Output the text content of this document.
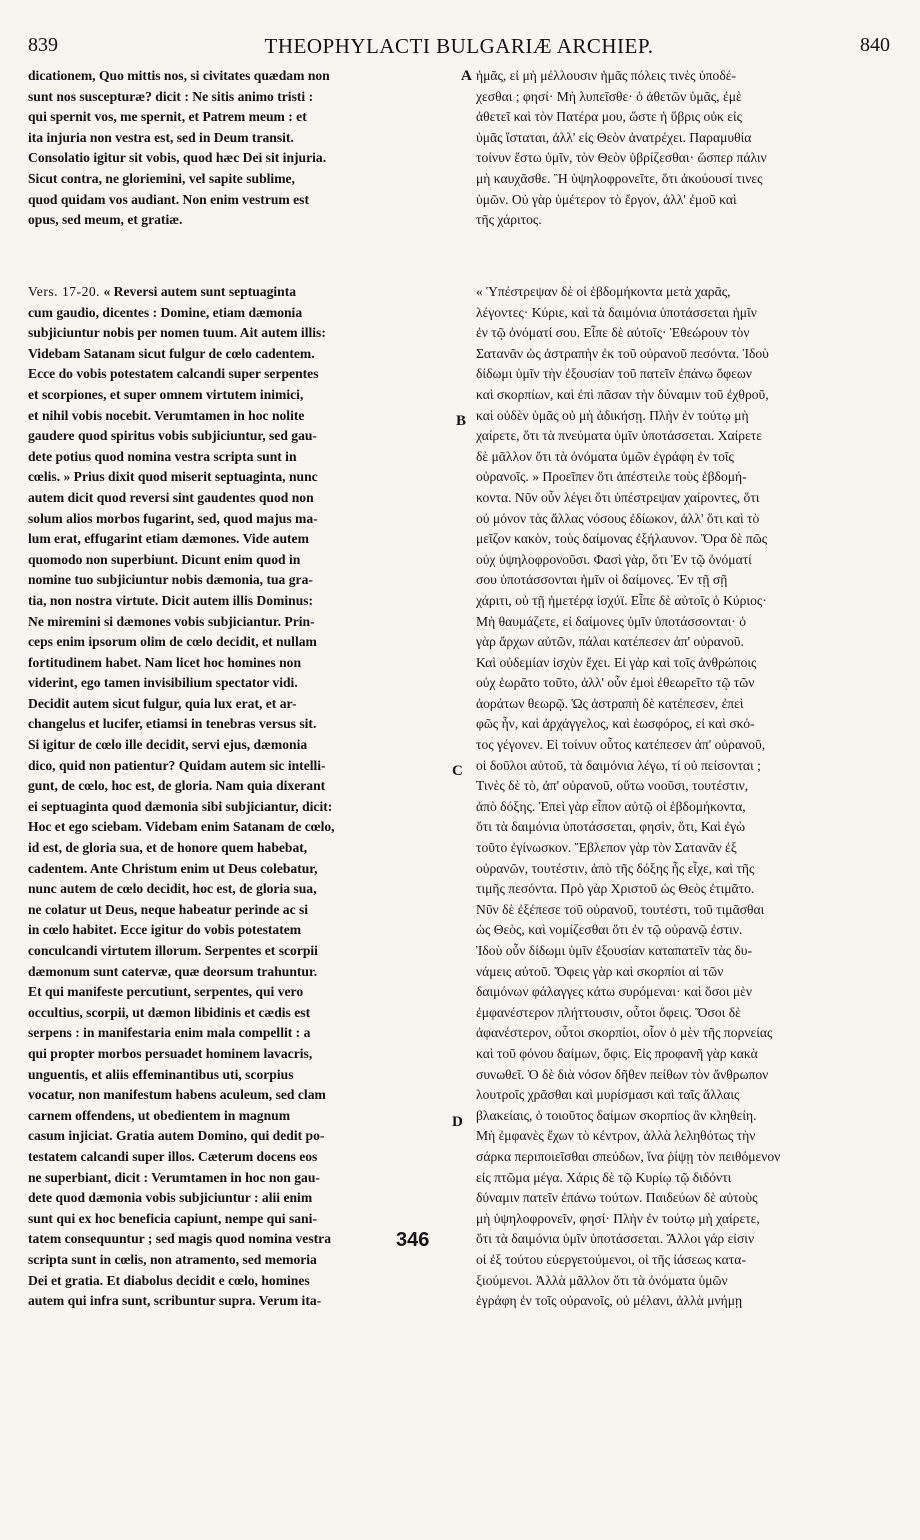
839	THEOPHYLACTI BULGARIÆ ARCHIEP.	840

dicationem, Quo mittis nos, si civitates quædam non
sunt nos suscepturæ? dicit : Ne sitis animo tristi :
qui spernit vos, me spernit, et Patrem meum : et
ita injuria non vestra est, sed in Deum transit.
Consolatio igitur sit vobis, quod hæc Dei sit injuria.
Sicut contra, ne gloriemini, vel sapite sublime,
quod quidam vos audiant. Non enim vestrum est
opus, sed meum, et gratiæ.

ἡμᾶς, εἰ μὴ μέλλουσιν ἡμᾶς πόλεις τινὲς ὑποδέ-
χεσθαι ; φησί· Μὴ λυπεῖσθε· ὁ ἀθετῶν ὑμᾶς, ἐμὲ
ἀθετεῖ καὶ τὸν Πατέρα μου, ὥστε ἡ ὕβρις οὐκ εἰς
ὑμᾶς ἵσταται, ἀλλ' εἰς Θεὸν ἀνατρέχει. Παραμυθία
τοίνυν ἔστω ὑμῖν, τὸν Θεὸν ὑβρίζεσθαι· ὥσπερ πάλιν
μὴ καυχᾶσθε. Ἢ ὑψηλοφρονεῖτε, ὅτι ἀκούουσί τινες
ὑμῶν. Οὐ γὰρ ὑμέτερον τὸ ἔργον, ἀλλ' ἐμοῦ καὶ
τῆς χάριτος.

Vers. 17-20. « Reversi autem sunt septuaginta
cum gaudio, dicentes : Domine, etiam dæmonia
subjiciuntur nobis per nomen tuum. Ait autem illis:
Videbam Satanam sicut fulgur de cœlo cadentem.
Ecce do vobis potestatem calcandi super serpentes
et scorpiones, et super omnem virtutem inimici,
et nihil vobis nocebit. Verumtamen in hoc nolite
gaudere quod spiritus vobis subjiciuntur, sed gau-
dete potius quod nomina vestra scripta sunt in
cœlis. » Prius dixit quod miserit septuaginta, nunc
autem dicit quod reversi sint gaudentes quod non
solum alios morbos fugarint, sed, quod majus ma-
lum erat, effugarint etiam dæmones. Vide autem
quomodo non superbiunt. Dicunt enim quod in
nomine tuo subjiciuntur nobis dæmonia, tua gra-
tia, non nostra virtute. Dicit autem illis Dominus:
Ne miremini si dæmones vobis subjiciantur. Prin-
ceps enim ipsorum olim de cœlo decidit, et nullam
fortitudinem habet. Nam licet hoc homines non
viderint, ego tamen invisibilium spectator vidi.
Decidit autem sicut fulgur, quia lux erat, et ar-
changelus et lucifer, etiamsi in tenebras versus sit.
Si igitur de cœlo ille decidit, servi ejus, dæmonia
dico, quid non patientur? Quidam autem sic intelli-
gunt, de cœlo, hoc est, de gloria. Nam quia dixerant
ei septuaginta quod dæmonia sibi subjiciantur, dicit:
Hoc et ego sciebam. Videbam enim Satanam de cœlo,
id est, de gloria sua, et de honore quem habebat,
cadentem. Ante Christum enim ut Deus colebatur,
nunc autem de cœlo decidit, hoc est, de gloria sua,
ne colatur ut Deus, neque habeatur perinde ac si
in cœlo habitet. Ecce igitur do vobis potestatem
conculcandi virtutem illorum. Serpentes et scorpii
dæmonum sunt catervæ, quæ deorsum trahuntur.
Et qui manifeste percutiunt, serpentes, qui vero
occultius, scorpii, ut dæmon libidinis et cædis est
serpens : in manifestaria enim mala compellit : a
qui propter morbos persuadet hominem lavacris,
unguentis, et aliis effeminantibus uti, scorpius
vocatur, non manifestum habens aculeum, sed clam
carnem offendens, ut obedientem in magnum
casum injiciat. Gratia autem Domino, qui dedit po-
testatem calcandi super illos. Cæterum docens eos
ne superbiant, dicit : Verumtamen in hoc non gau-
dete quod dæmonia vobis subjiciuntur : alii enim
sunt qui ex hoc beneficia capiunt, nempe qui sani-
tatem consequuntur ; sed magis quod nomina vestra
scripta sunt in cœlis, non atramento, sed memoria
Dei et gratia. Et diabolus decidit e cœlo, homines
autem qui infra sunt, scribuntur supra. Verum ita-

« Ὑπέστρεψαν δὲ οἱ ἑβδομήκοντα μετὰ χαρᾶς,
λέγοντες· Κύριε, καὶ τὰ δαιμόνια ὑποτάσσεται ἡμῖν
ἐν τῷ ὀνόματί σου. Εἶπε δὲ αὐτοῖς· Ἐθεώρουν τὸν
Σατανᾶν ὡς ἀστραπὴν ἐκ τοῦ οὐρανοῦ πεσόντα. Ἰδοὺ
δίδωμι ὑμῖν τὴν ἐξουσίαν τοῦ πατεῖν ἐπάνω ὄφεων
καὶ σκορπίων, καὶ ἐπὶ πᾶσαν τὴν δύναμιν τοῦ ἐχθροῦ,
καὶ οὐδὲν ὑμᾶς οὐ μὴ ἀδικήσῃ. Πλὴν ἐν τούτῳ μὴ
χαίρετε, ὅτι τὰ πνεύματα ὑμῖν ὑποτάσσεται. Χαίρετε
δὲ μᾶλλον ὅτι τὰ ὀνόματα ὑμῶν ἐγράφη ἐν τοῖς
οὐρανοῖς. » Προεῖπεν ὅτι ἀπέστειλε τοὺς ἑβδομή-
κοντα. Νῦν οὖν λέγει ὅτι ὑπέστρεψαν χαίροντες, ὅτι
οὐ μόνον τὰς ἄλλας νόσους ἐδίωκον, ἀλλ' ὅτι καὶ τὸ
μεῖζον κακὸν, τοὺς δαίμονας ἐξήλαυνον. Ὅρα δὲ πῶς
οὐχ ὑψηλοφρονοῦσι. Φασὶ γὰρ, ὅτι Ἐν τῷ ὀνόματί
σου ὑποτάσσονται ἡμῖν οἱ δαίμονες. Ἐν τῇ σῇ
χάριτι, οὐ τῇ ἡμετέρᾳ ἰσχύϊ. Εἶπε δὲ αὐτοῖς ὁ Κύριος·
Μὴ θαυμάζετε, εἰ δαίμονες ὑμῖν ὑποτάσσονται· ὁ
γὰρ ἄρχων αὐτῶν, πάλαι κατέπεσεν ἀπ' οὐρανοῦ.
Καὶ οὐδεμίαν ἰσχὺν ἔχει. Εἰ γὰρ καὶ τοῖς ἀνθρώποις
οὐχ ἑωρᾶτο τοῦτο, ἀλλ' οὖν ἐμοὶ ἐθεωρεῖτο τῷ τῶν
ἀοράτων θεωρῷ. Ὡς ἀστραπὴ δὲ κατέπεσεν, ἐπεὶ
φῶς ἦν, καὶ ἀρχάγγελος, καὶ ἑωσφόρος, εἰ καὶ σκό-
τος γέγονεν. Εἰ τοίνυν οὗτος κατέπεσεν ἀπ' οὐρανοῦ,
οἱ δοῦλοι αὐτοῦ, τὰ δαιμόνια λέγω, τί οὐ πείσονται ;
Τινὲς δὲ τὸ, ἀπ' οὐρανοῦ, οὕτω νοοῦσι, τουτέστιν,
ἀπὸ δόξης. Ἐπεὶ γὰρ εἶπον αὐτῷ οἱ ἑβδομήκοντα,
ὅτι τὰ δαιμόνια ὑποτάσσεται, φησὶν, ὅτι, Καὶ ἐγὼ
τοῦτο ἐγίνωσκον. Ἔβλεπον γὰρ τὸν Σατανᾶν ἐξ
οὐρανῶν, τουτέστιν, ἀπὸ τῆς δόξης ἧς εἶχε, καὶ τῆς
τιμῆς πεσόντα. Πρὸ γὰρ Χριστοῦ ὡς Θεὸς ἐτιμᾶτο.
Νῦν δὲ ἐξέπεσε τοῦ οὐρανοῦ, τουτέστι, τοῦ τιμᾶσθαι
ὡς Θεὸς, καὶ νομίζεσθαι ὅτι ἐν τῷ οὐρανῷ ἐστιν.
Ἰδοὺ οὖν δίδωμι ὑμῖν ἐξουσίαν καταπατεῖν τὰς δυ-
νάμεις αὐτοῦ. Ὄφεις γὰρ καὶ σκορπίοι αἱ τῶν
δαιμόνων φάλαγγες κάτω συρόμεναι· καὶ ὅσοι μὲν
ἐμφανέστερον πλήττουσιν, οὗτοι ὄφεις. Ὅσοι δὲ
ἀφανέστερον, οὗτοι σκορπίοι, οἷον ὁ μὲν τῆς πορνείας
καὶ τοῦ φόνου δαίμων, ὄφις. Εἰς προφανῆ γὰρ κακὰ
συνωθεῖ. Ὁ δὲ διὰ νόσον δῆθεν πείθων τὸν ἄνθρωπον
λουτροῖς χρᾶσθαι καὶ μυρίσμασι καὶ ταῖς ἄλλαις
βλακείαις, ὁ τοιοῦτος δαίμων σκορπίος ἂν κληθείη.
Μὴ ἐμφανὲς ἔχων τὸ κέντρον, ἀλλὰ λεληθότως τὴν
σάρκα περιποιεῖσθαι σπεύδων, ἵνα ῥίψῃ τὸν πειθόμενον
εἰς πτῶμα μέγα. Χάρις δὲ τῷ Κυρίῳ τῷ διδόντι
δύναμιν πατεῖν ἐπάνω τούτων. Παιδεύων δὲ αὐτοὺς
μὴ ὑψηλοφρονεῖν, φησί· Πλὴν ἐν τούτῳ μὴ χαίρετε,
ὅτι τὰ δαιμόνια ὑμῖν ὑποτάσσεται. Ἄλλοι γάρ εἰσιν
οἱ ἐξ τούτου εὐεργετούμενοι, οἱ τῆς ἰάσεως κατα-
ξιούμενοι. Ἀλλὰ μᾶλλον ὅτι τὰ ὀνόματα ὑμῶν
ἐγράφη ἐν τοῖς οὐρανοῖς, οὐ μέλανι, ἀλλὰ μνήμῃ

A
B
C
D
346
